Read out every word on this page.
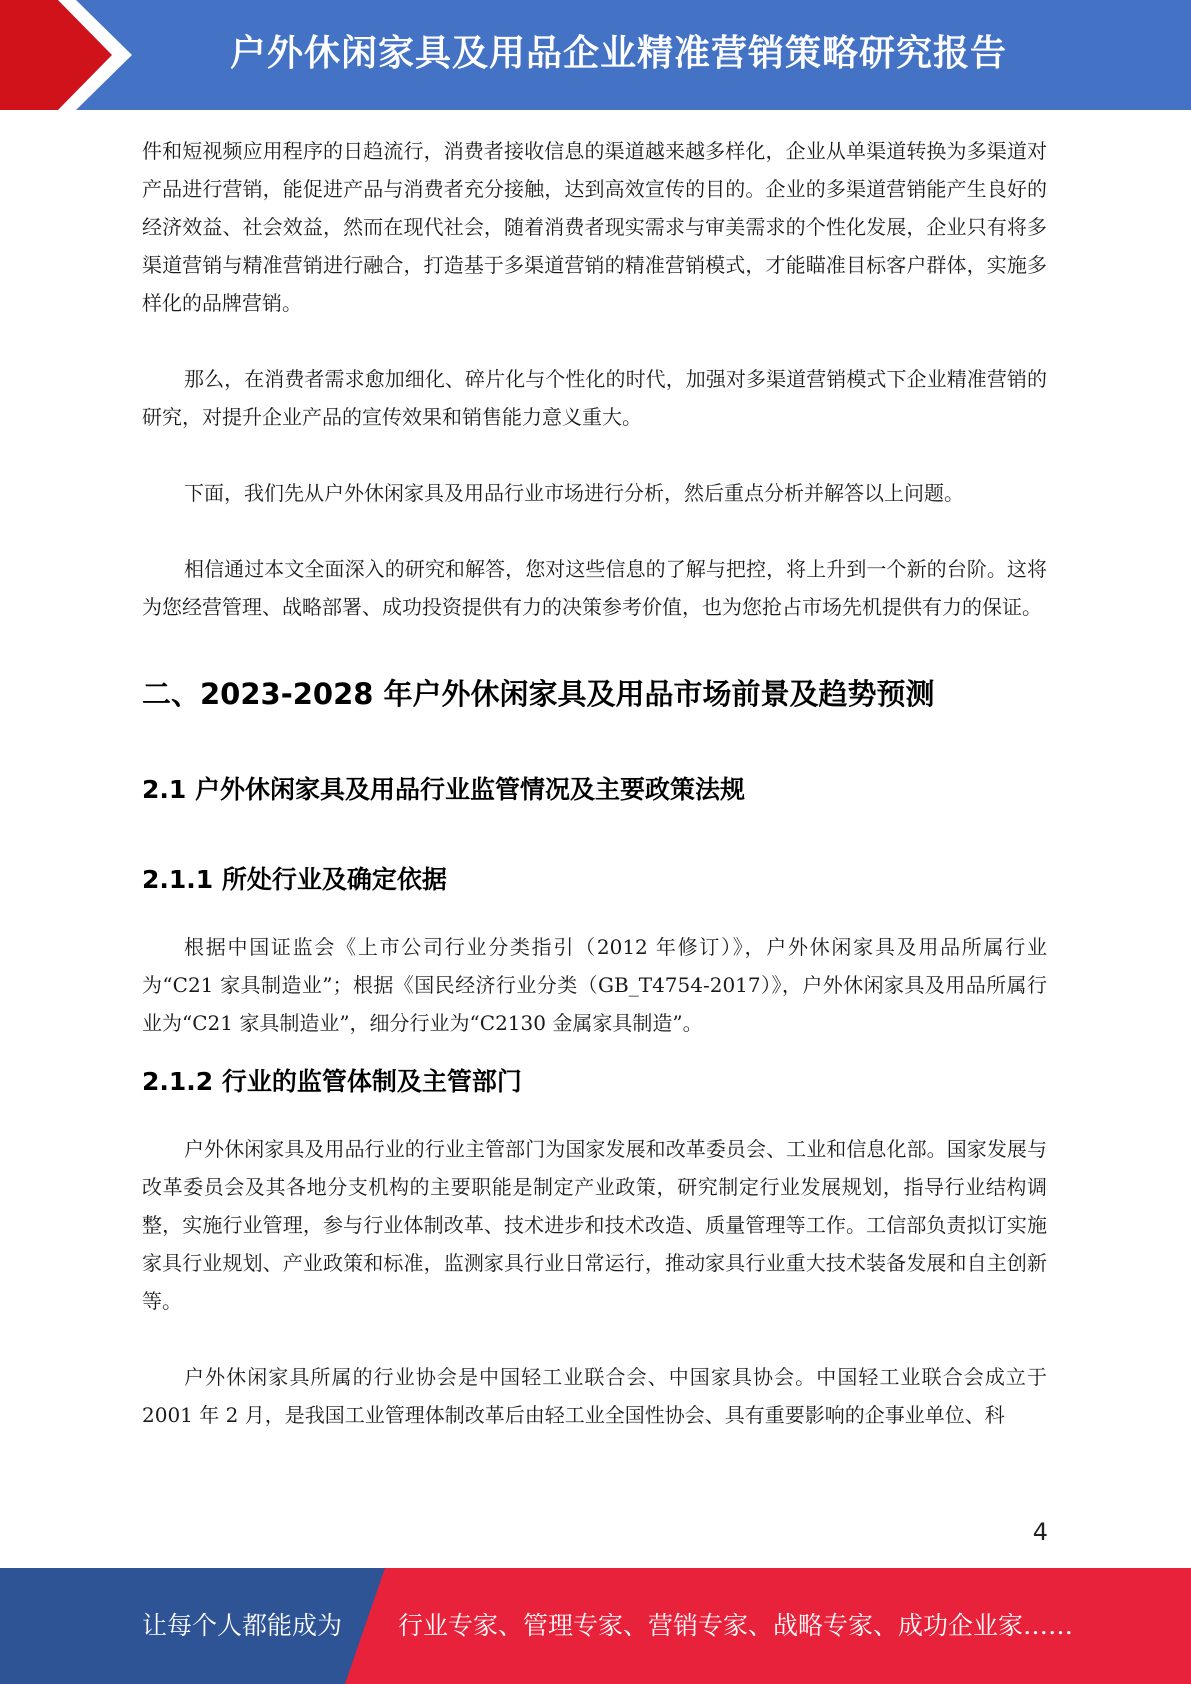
户外休闲家具及用品企业精准营销策略研究报告

件和短视频应用程序的日趋流行，消费者接收信息的渠道越来越多样化，企业从单渠道转换为多渠道对产品进行营销，能促进产品与消费者充分接触，达到高效宣传的目的。企业的多渠道营销能产生良好的经济效益、社会效益，然而在现代社会，随着消费者现实需求与审美需求的个性化发展，企业只有将多渠道营销与精准营销进行融合，打造基于多渠道营销的精准营销模式，才能瞄准目标客户群体，实施多样化的品牌营销。

那么，在消费者需求愈加细化、碎片化与个性化的时代，加强对多渠道营销模式下企业精准营销的研究，对提升企业产品的宣传效果和销售能力意义重大。

下面，我们先从户外休闲家具及用品行业市场进行分析，然后重点分析并解答以上问题。

相信通过本文全面深入的研究和解答，您对这些信息的了解与把控，将上升到一个新的台阶。这将为您经营管理、战略部署、成功投资提供有力的决策参考价值，也为您抢占市场先机提供有力的保证。

二、2023-2028 年户外休闲家具及用品市场前景及趋势预测
2.1 户外休闲家具及用品行业监管情况及主要政策法规
2.1.1 所处行业及确定依据

根据中国证监会《上市公司行业分类指引（2012 年修订）》，户外休闲家具及用品所属行业为“C21 家具制造业”；根据《国民经济行业分类（GB_T4754-2017）》，户外休闲家具及用品所属行业为“C21 家具制造业”，细分行业为“C2130 金属家具制造”。

2.1.2 行业的监管体制及主管部门

户外休闲家具及用品行业的行业主管部门为国家发展和改革委员会、工业和信息化部。国家发展与改革委员会及其各地分支机构的主要职能是制定产业政策，研究制定行业发展规划，指导行业结构调整，实施行业管理，参与行业体制改革、技术进步和技术改造、质量管理等工作。工信部负责拟订实施家具行业规划、产业政策和标准，监测家具行业日常运行，推动家具行业重大技术装备发展和自主创新等。

户外休闲家具所属的行业协会是中国轻工业联合会、中国家具协会。中国轻工业联合会成立于 2001 年 2 月，是我国工业管理体制改革后由轻工业全国性协会、具有重要影响的企事业单位、科

4
让每个人都能成为 行业专家、管理专家、营销专家、战略专家、成功企业家……
